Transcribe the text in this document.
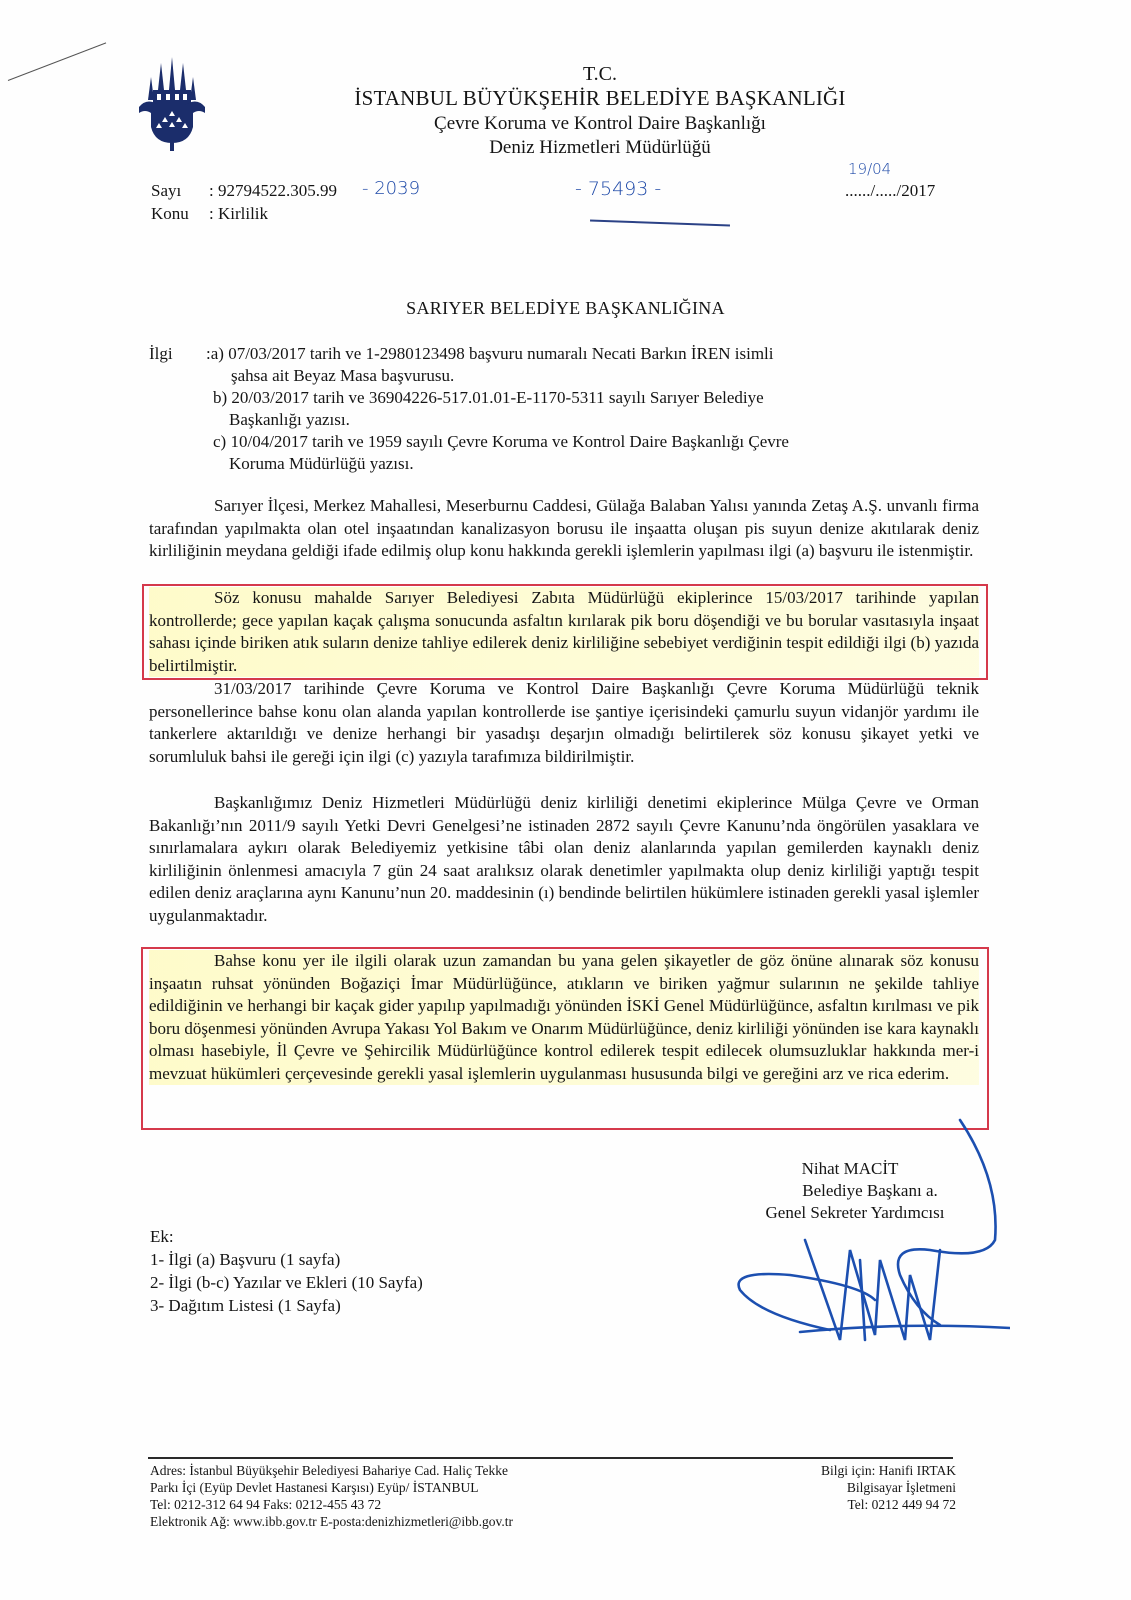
T.C.
İSTANBUL BÜYÜKŞEHİR BELEDİYE BAŞKANLIĞI
Çevre Koruma ve Kontrol Daire Başkanlığı
Deniz Hizmetleri Müdürlüğü
Sayı : 92794522.305.99 - 2039	- 75493 -
19/04
....../...../2017
Konu : Kirlilik
SARIYER BELEDİYE BAŞKANLIĞINA
İlgi :a) 07/03/2017 tarih ve 1-2980123498 başvuru numaralı Necati Barkın İREN isimli
şahsa ait Beyaz Masa başvurusu.
b) 20/03/2017 tarih ve 36904226-517.01.01-E-1170-5311 sayılı Sarıyer Belediye
Başkanlığı yazısı.
c) 10/04/2017 tarih ve 1959 sayılı Çevre Koruma ve Kontrol Daire Başkanlığı Çevre
Koruma Müdürlüğü yazısı.

Sarıyer İlçesi, Merkez Mahallesi, Meserburnu Caddesi, Gülağa Balaban Yalısı yanında Zetaş A.Ş. unvanlı firma tarafından yapılmakta olan otel inşaatından kanalizasyon borusu ile inşaatta oluşan pis suyun denize akıtılarak deniz kirliliğinin meydana geldiği ifade edilmiş olup konu hakkında gerekli işlemlerin yapılması ilgi (a) başvuru ile istenmiştir.

Söz konusu mahalde Sarıyer Belediyesi Zabıta Müdürlüğü ekiplerince 15/03/2017 tarihinde yapılan kontrollerde; gece yapılan kaçak çalışma sonucunda asfaltın kırılarak pik boru döşendiği ve bu borular vasıtasıyla inşaat sahası içinde biriken atık suların denize tahliye edilerek deniz kirliliğine sebebiyet verdiğinin tespit edildiği ilgi (b) yazıda belirtilmiştir.

31/03/2017 tarihinde Çevre Koruma ve Kontrol Daire Başkanlığı Çevre Koruma Müdürlüğü teknik personellerince bahse konu olan alanda yapılan kontrollerde ise şantiye içerisindeki çamurlu suyun vidanjör yardımı ile tankerlere aktarıldığı ve denize herhangi bir yasadışı deşarjın olmadığı belirtilerek söz konusu şikayet yetki ve sorumluluk bahsi ile gereği için ilgi (c) yazıyla tarafımıza bildirilmiştir.

Başkanlığımız Deniz Hizmetleri Müdürlüğü deniz kirliliği denetimi ekiplerince Mülga Çevre ve Orman Bakanlığı’nın 2011/9 sayılı Yetki Devri Genelgesi’ne istinaden 2872 sayılı Çevre Kanunu’nda öngörülen yasaklara ve sınırlamalara aykırı olarak Belediyemiz yetkisine tâbi olan deniz alanlarında yapılan gemilerden kaynaklı deniz kirliliğinin önlenmesi amacıyla 7 gün 24 saat aralıksız olarak denetimler yapılmakta olup deniz kirliliği yaptığı tespit edilen deniz araçlarına aynı Kanunu’nun 20. maddesinin (ı) bendinde belirtilen hükümlere istinaden gerekli yasal işlemler uygulanmaktadır.

Bahse konu yer ile ilgili olarak uzun zamandan bu yana gelen şikayetler de göz önüne alınarak söz konusu inşaatın ruhsat yönünden Boğaziçi İmar Müdürlüğünce, atıkların ve biriken yağmur sularının ne şekilde tahliye edildiğinin ve herhangi bir kaçak gider yapılıp yapılmadığı yönünden İSKİ Genel Müdürlüğünce, asfaltın kırılması ve pik boru döşenmesi yönünden Avrupa Yakası Yol Bakım ve Onarım Müdürlüğünce, deniz kirliliği yönünden ise kara kaynaklı olması hasebiyle, İl Çevre ve Şehircilik Müdürlüğünce kontrol edilerek tespit edilecek olumsuzluklar hakkında mer-i mevzuat hükümleri çerçevesinde gerekli yasal işlemlerin uygulanması hususunda bilgi ve gereğini arz ve rica ederim.

Nihat MACİT
Belediye Başkanı a.
Genel Sekreter Yardımcısı
Ek:
1- İlgi (a) Başvuru (1 sayfa)
2- İlgi (b-c) Yazılar ve Ekleri (10 Sayfa)
3- Dağıtım Listesi (1 Sayfa)
Adres: İstanbul Büyükşehir Belediyesi Bahariye Cad. Haliç Tekke
Parkı İçi (Eyüp Devlet Hastanesi Karşısı) Eyüp/ İSTANBUL
Tel: 0212-312 64 94 Faks: 0212-455 43 72
Elektronik Ağ: www.ibb.gov.tr E-posta:denizhizmetleri@ibb.gov.tr
Bilgi için: Hanifi IRTAK
Bilgisayar İşletmeni
Tel: 0212 449 94 72
